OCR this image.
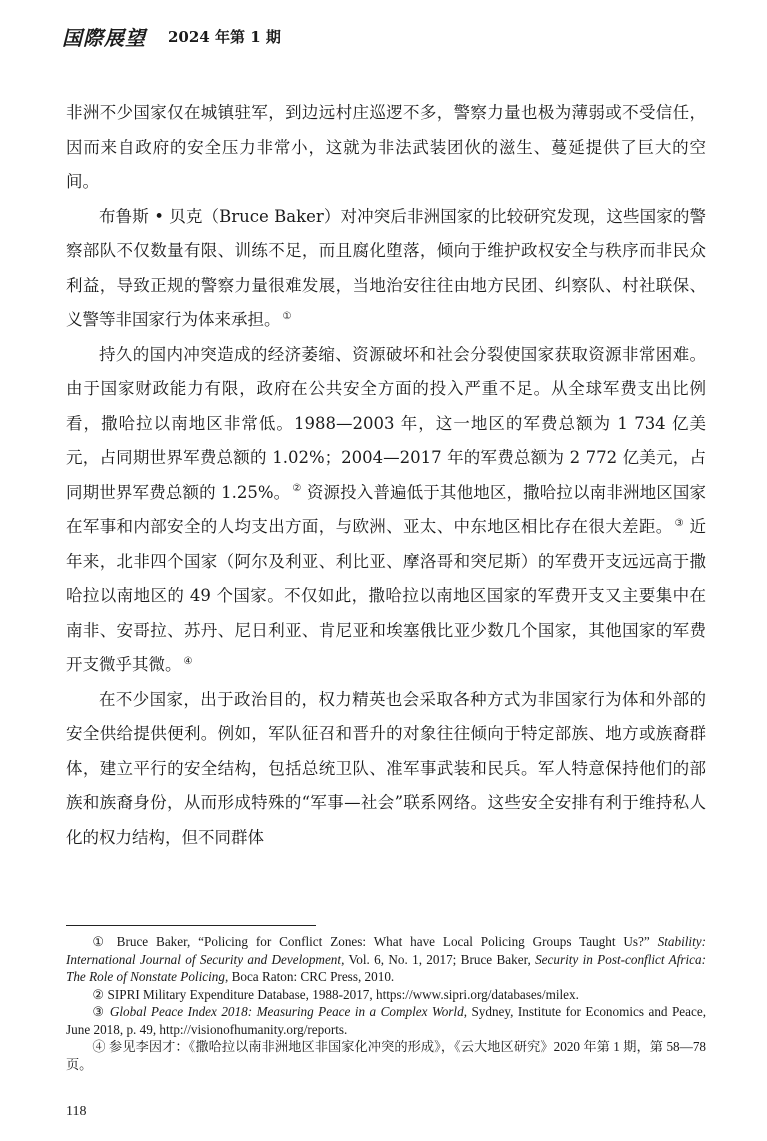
国際展望 2024 年第 1 期

非洲不少国家仅在城镇驻军，到边远村庄巡逻不多，警察力量也极为薄弱或不受信任，因而来自政府的安全压力非常小，这就为非法武装团伙的滋生、蔓延提供了巨大的空间。

布鲁斯 • 贝克（Bruce Baker）对冲突后非洲国家的比较研究发现，这些国家的警察部队不仅数量有限、训练不足，而且腐化堕落，倾向于维护政权安全与秩序而非民众利益，导致正规的警察力量很难发展，当地治安往往由地方民团、纠察队、村社联保、义警等非国家行为体来承担。 ①

持久的国内冲突造成的经济萎缩、资源破坏和社会分裂使国家获取资源非常困难。由于国家财政能力有限，政府在公共安全方面的投入严重不足。从全球军费支出比例看，撒哈拉以南地区非常低。1988—2003 年，这一地区的军费总额为 1 734 亿美元，占同期世界军费总额的 1.02%；2004—2017 年的军费总额为 2 772 亿美元，占同期世界军费总额的 1.25%。 ② 资源投入普遍低于其他地区，撒哈拉以南非洲地区国家在军事和内部安全的人均支出方面，与欧洲、亚太、中东地区相比存在很大差距。 ③ 近年来，北非四个国家（阿尔及利亚、利比亚、摩洛哥和突尼斯）的军费开支远远高于撒哈拉以南地区的 49 个国家。不仅如此，撒哈拉以南地区国家的军费开支又主要集中在南非、安哥拉、苏丹、尼日利亚、肯尼亚和埃塞俄比亚少数几个国家，其他国家的军费开支微乎其微。 ④

在不少国家，出于政治目的，权力精英也会采取各种方式为非国家行为体和外部的安全供给提供便利。例如，军队征召和晋升的对象往往倾向于特定部族、地方或族裔群体，建立平行的安全结构，包括总统卫队、准军事武装和民兵。军人特意保持他们的部族和族裔身份，从而形成特殊的“军事—社会”联系网络。这些安全安排有利于维持私人化的权力结构，但不同群体

① Bruce Baker, “Policing for Conflict Zones: What have Local Policing Groups Taught Us?” Stability: International Journal of Security and Development, Vol. 6, No. 1, 2017; Bruce Baker, Security in Post-conflict Africa: The Role of Nonstate Policing, Boca Raton: CRC Press, 2010.

② SIPRI Military Expenditure Database, 1988-2017, https://www.sipri.org/databases/milex.

③ Global Peace Index 2018: Measuring Peace in a Complex World, Sydney, Institute for Economics and Peace, June 2018, p. 49, http://visionofhumanity.org/reports.

④ 参见李因才：《撒哈拉以南非洲地区非国家化冲突的形成》，《云大地区研究》2020 年第 1 期，第 58—78 页。

118
